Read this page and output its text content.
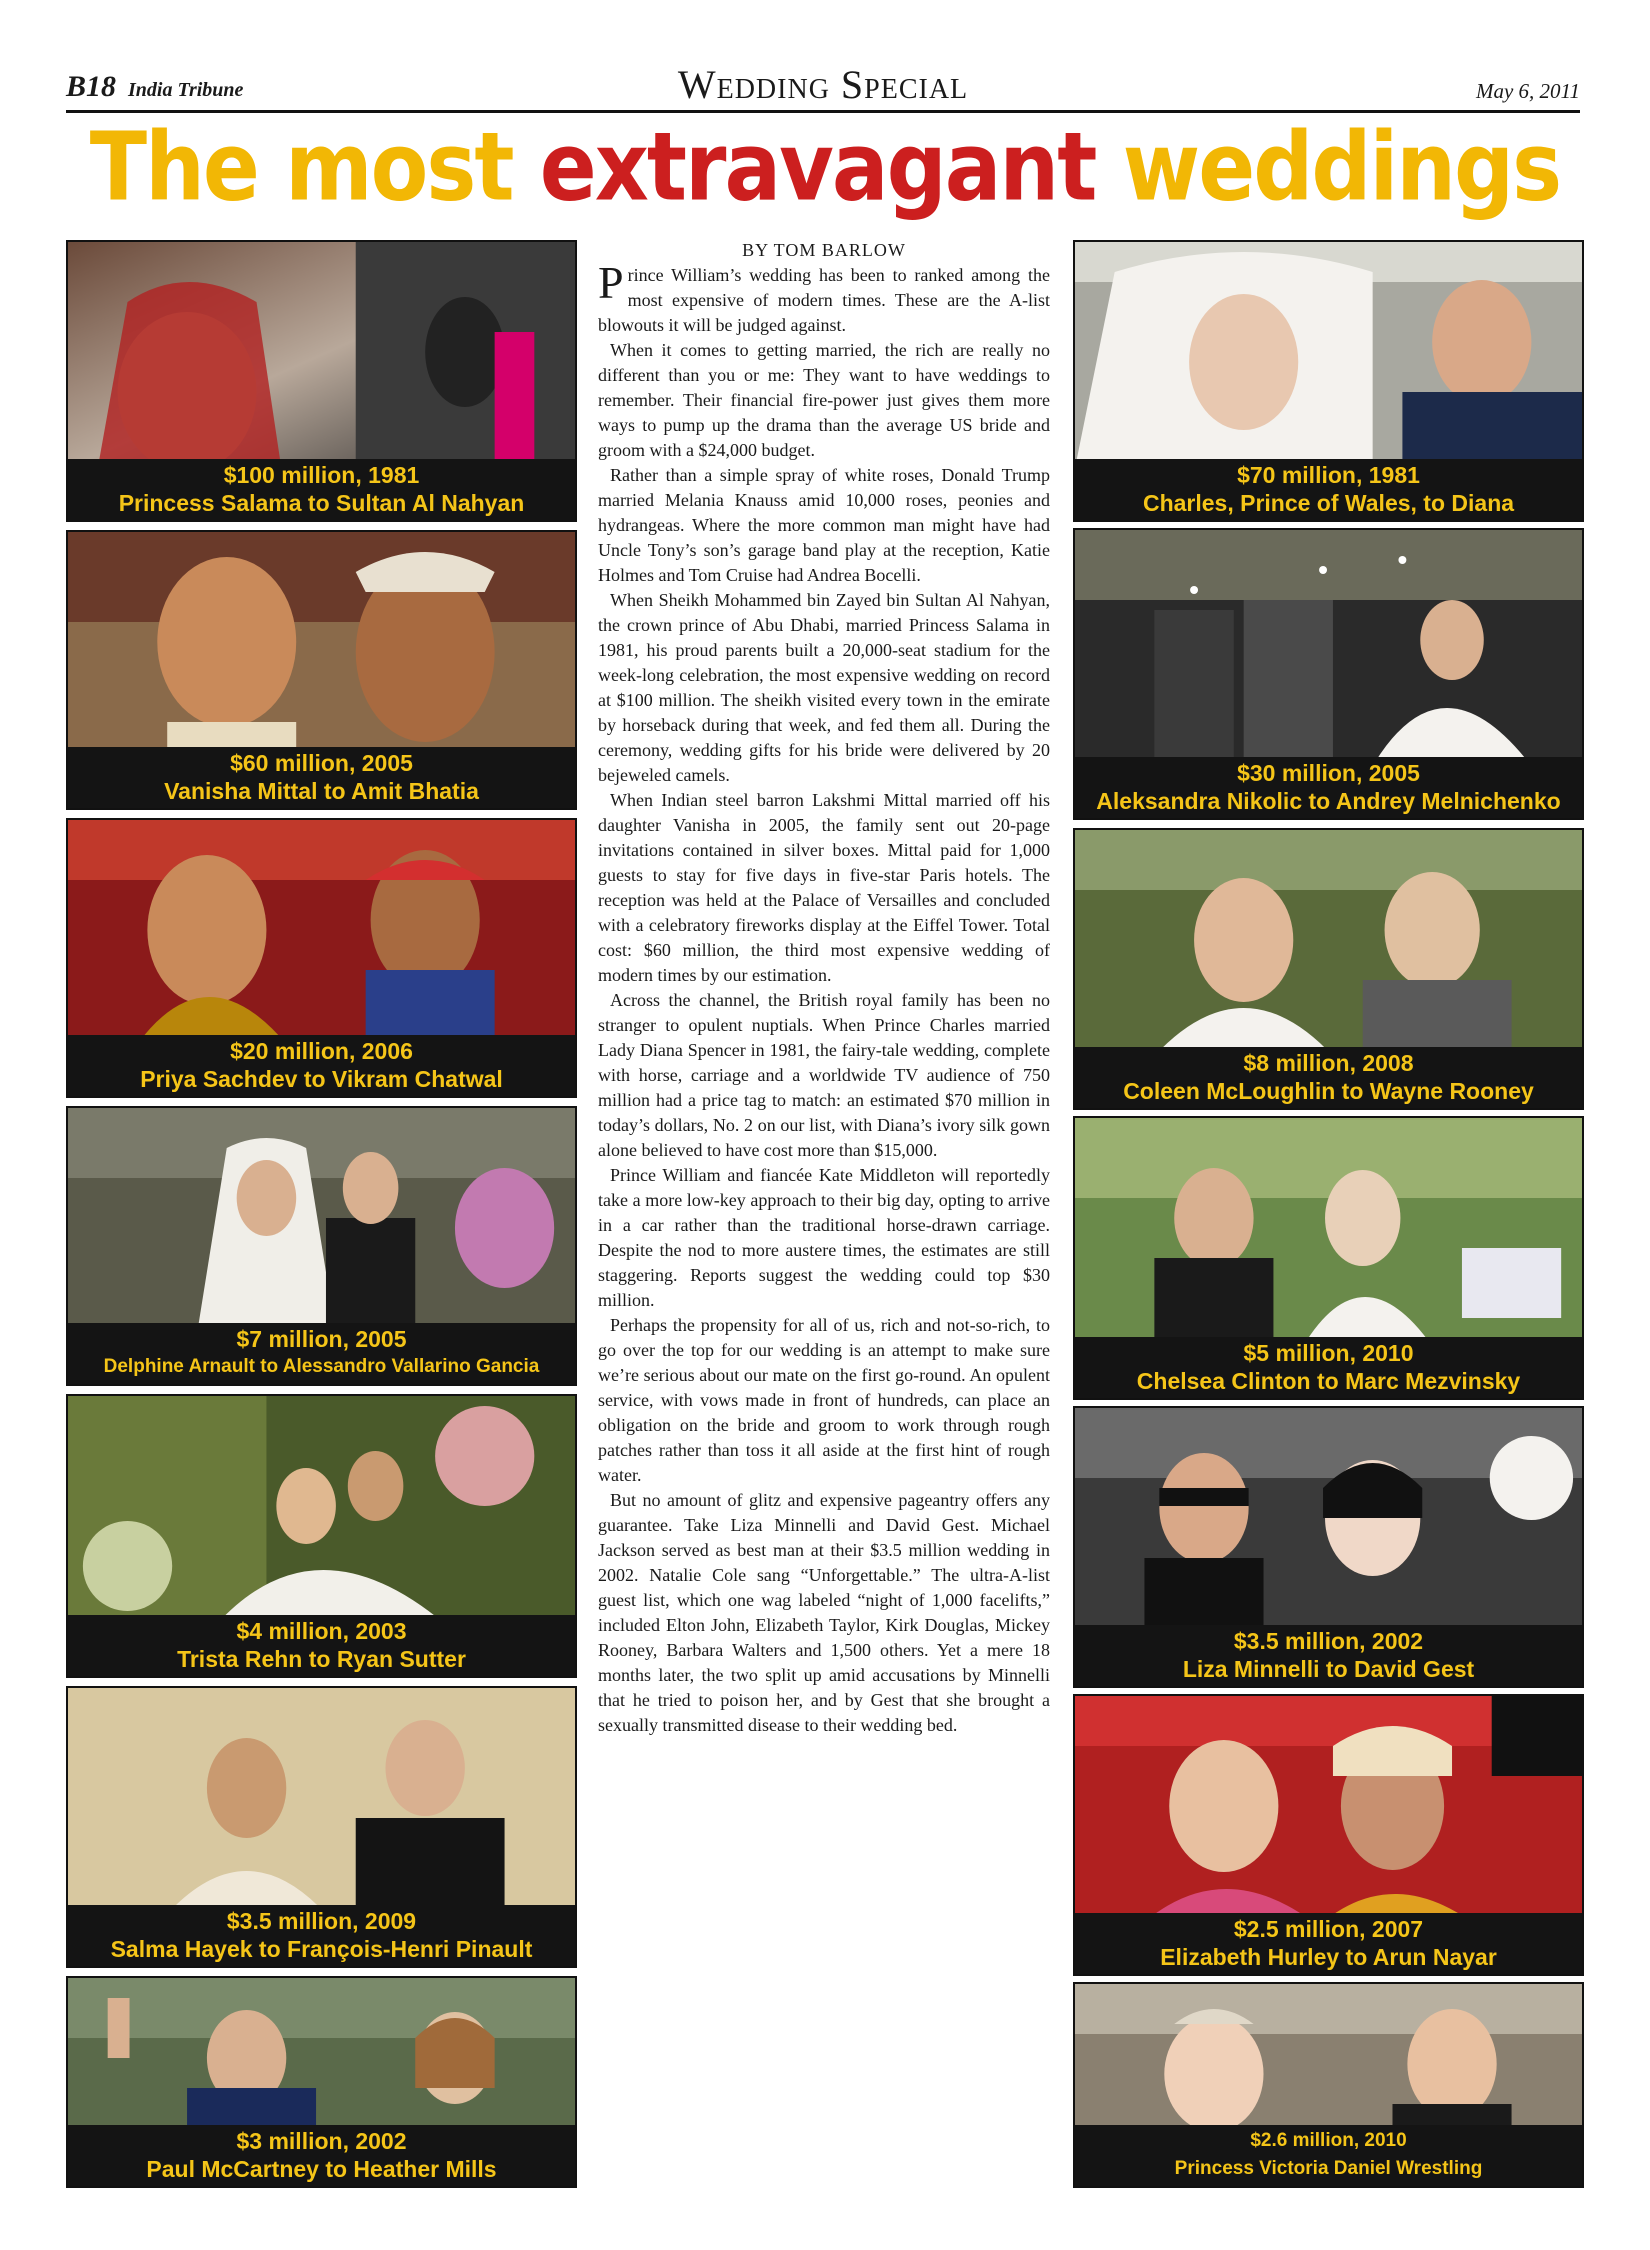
B18 India Tribune	Wedding Special	May 6, 2011
The most extravagant weddings
$100 million, 1981
Princess Salama to Sultan Al Nahyan
$60 million, 2005
Vanisha Mittal to Amit Bhatia
$20 million, 2006
Priya Sachdev to Vikram Chatwal
$7 million, 2005
Delphine Arnault to Alessandro Vallarino Gancia
$4 million, 2003
Trista Rehn to Ryan Sutter
$3.5 million, 2009
Salma Hayek to François-Henri Pinault
$3 million, 2002
Paul McCartney to Heather Mills
BY TOM BARLOW

Prince William’s wedding has been to ranked among the most expensive of modern times. These are the A-list blowouts it will be judged against.

When it comes to getting married, the rich are really no different than you or me: They want to have weddings to remember. Their financial fire-power just gives them more ways to pump up the drama than the average US bride and groom with a $24,000 budget.

Rather than a simple spray of white roses, Donald Trump married Melania Knauss amid 10,000 roses, peonies and hydrangeas. Where the more common man might have had Uncle Tony’s son’s garage band play at the reception, Katie Holmes and Tom Cruise had Andrea Bocelli.

When Sheikh Mohammed bin Zayed bin Sultan Al Nahyan, the crown prince of Abu Dhabi, married Princess Salama in 1981, his proud parents built a 20,000-seat stadium for the week-long celebration, the most expensive wedding on record at $100 million. The sheikh visited every town in the emirate by horseback during that week, and fed them all. During the ceremony, wedding gifts for his bride were delivered by 20 bejeweled camels.

When Indian steel barron Lakshmi Mittal married off his daughter Vanisha in 2005, the family sent out 20-page invitations contained in silver boxes. Mittal paid for 1,000 guests to stay for five days in five-star Paris hotels. The reception was held at the Palace of Versailles and concluded with a celebratory fireworks display at the Eiffel Tower. Total cost: $60 million, the third most expensive wedding of modern times by our estimation.

Across the channel, the British royal family has been no stranger to opulent nuptials. When Prince Charles married Lady Diana Spencer in 1981, the fairy-tale wedding, complete with horse, carriage and a worldwide TV audience of 750 million had a price tag to match: an estimated $70 million in today’s dollars, No. 2 on our list, with Diana’s ivory silk gown alone believed to have cost more than $15,000.

Prince William and fiancée Kate Middleton will reportedly take a more low-key approach to their big day, opting to arrive in a car rather than the traditional horse-drawn carriage. Despite the nod to more austere times, the estimates are still staggering. Reports suggest the wedding could top $30 million.

Perhaps the propensity for all of us, rich and not-so-rich, to go over the top for our wedding is an attempt to make sure we’re serious about our mate on the first go-round. An opulent service, with vows made in front of hundreds, can place an obligation on the bride and groom to work through rough patches rather than toss it all aside at the first hint of rough water.

But no amount of glitz and expensive pageantry offers any guarantee. Take Liza Minnelli and David Gest. Michael Jackson served as best man at their $3.5 million wedding in 2002. Natalie Cole sang “Unforgettable.” The ultra-A-list guest list, which one wag labeled “night of 1,000 facelifts,” included Elton John, Elizabeth Taylor, Kirk Douglas, Mickey Rooney, Barbara Walters and 1,500 others. Yet a mere 18 months later, the two split up amid accusations by Minnelli that he tried to poison her, and by Gest that she brought a sexually transmitted disease to their wedding bed.

$70 million, 1981
Charles, Prince of Wales, to Diana
$30 million, 2005
Aleksandra Nikolic to Andrey Melnichenko
$8 million, 2008
Coleen McLoughlin to Wayne Rooney
$5 million, 2010
Chelsea Clinton to Marc Mezvinsky
$3.5 million, 2002
Liza Minnelli to David Gest
$2.5 million, 2007
Elizabeth Hurley to Arun Nayar
$2.6 million, 2010
Princess Victoria Daniel Wrestling
